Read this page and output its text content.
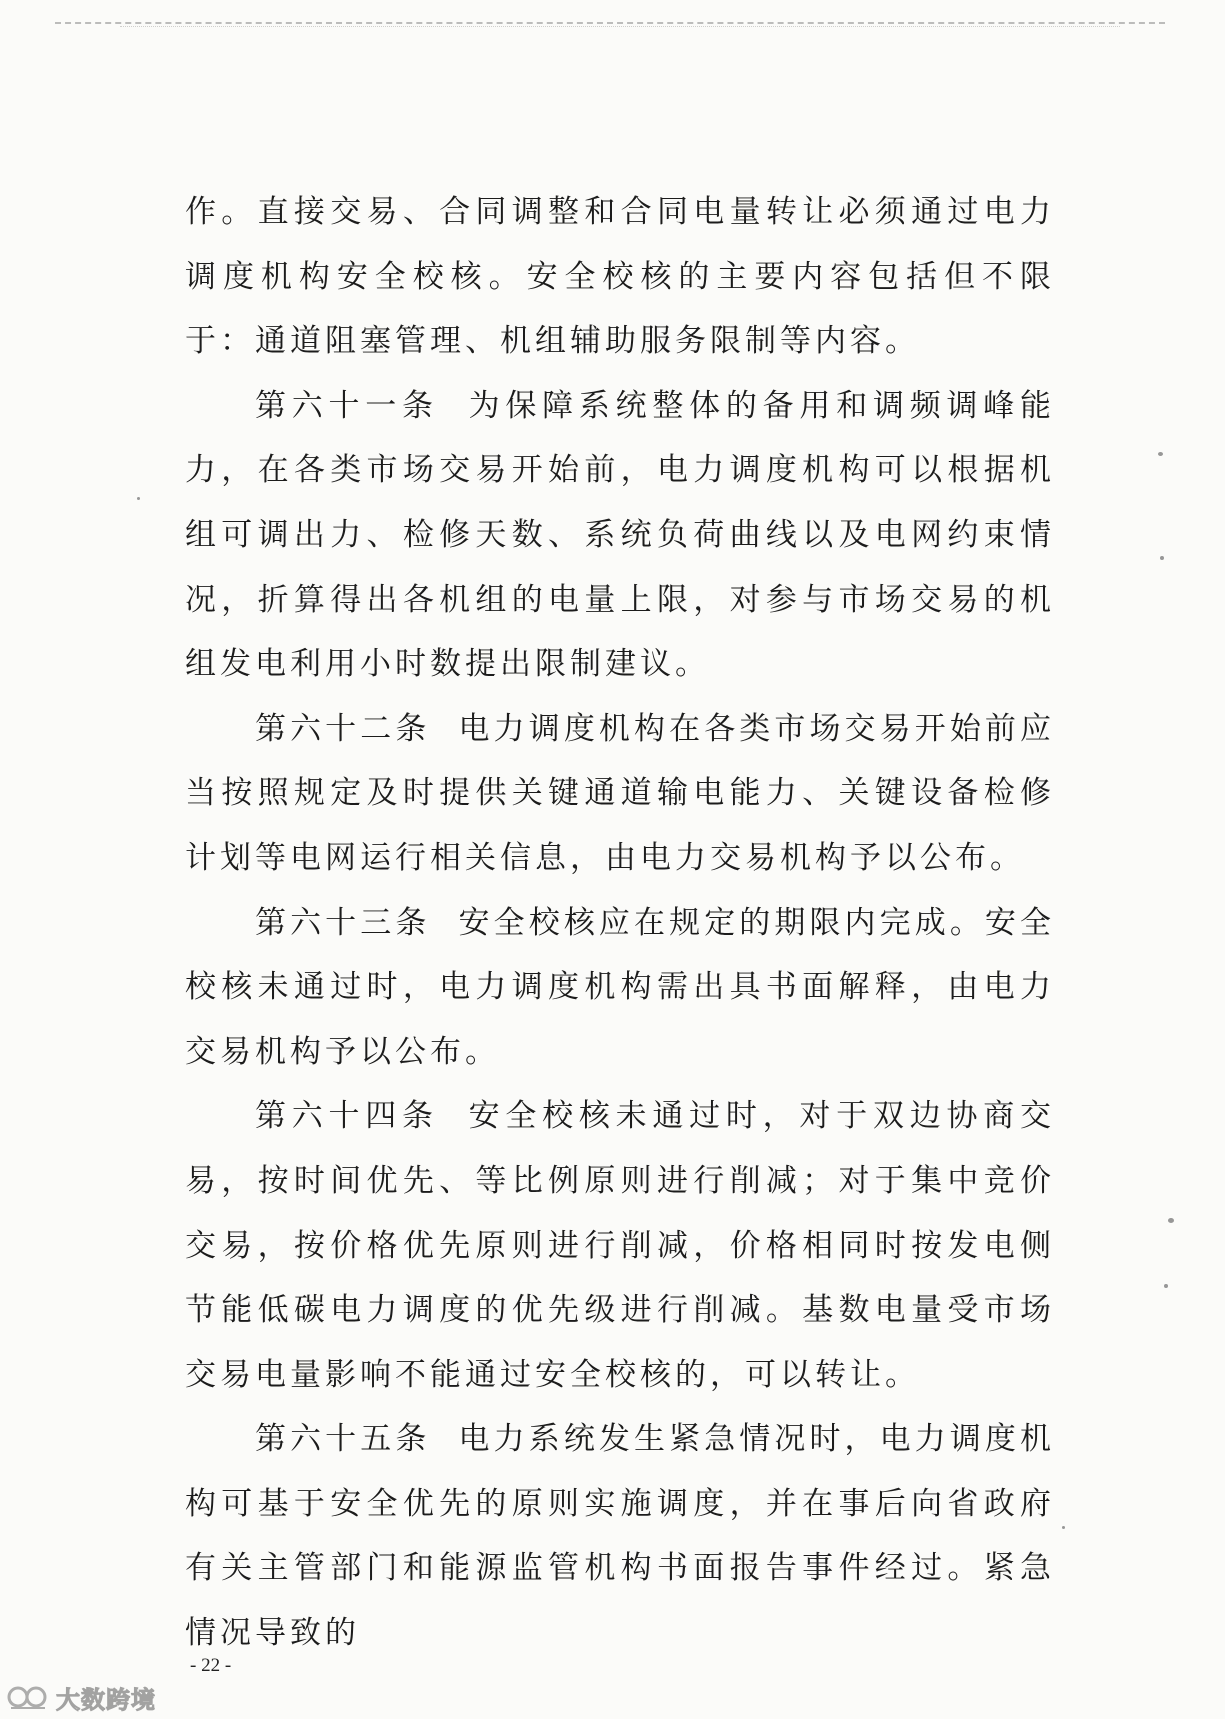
作。直接交易、合同调整和合同电量转让必须通过电力调度机构安全校核。安全校核的主要内容包括但不限于：通道阻塞管理、机组辅助服务限制等内容。

第六十一条 为保障系统整体的备用和调频调峰能力，在各类市场交易开始前，电力调度机构可以根据机组可调出力、检修天数、系统负荷曲线以及电网约束情况，折算得出各机组的电量上限，对参与市场交易的机组发电利用小时数提出限制建议。

第六十二条 电力调度机构在各类市场交易开始前应当按照规定及时提供关键通道输电能力、关键设备检修计划等电网运行相关信息，由电力交易机构予以公布。

第六十三条 安全校核应在规定的期限内完成。安全校核未通过时，电力调度机构需出具书面解释，由电力交易机构予以公布。

第六十四条 安全校核未通过时，对于双边协商交易，按时间优先、等比例原则进行削减；对于集中竞价交易，按价格优先原则进行削减，价格相同时按发电侧节能低碳电力调度的优先级进行削减。基数电量受市场交易电量影响不能通过安全校核的，可以转让。

第六十五条 电力系统发生紧急情况时，电力调度机构可基于安全优先的原则实施调度，并在事后向省政府有关主管部门和能源监管机构书面报告事件经过。紧急情况导致的

- 22 -
大数跨境
